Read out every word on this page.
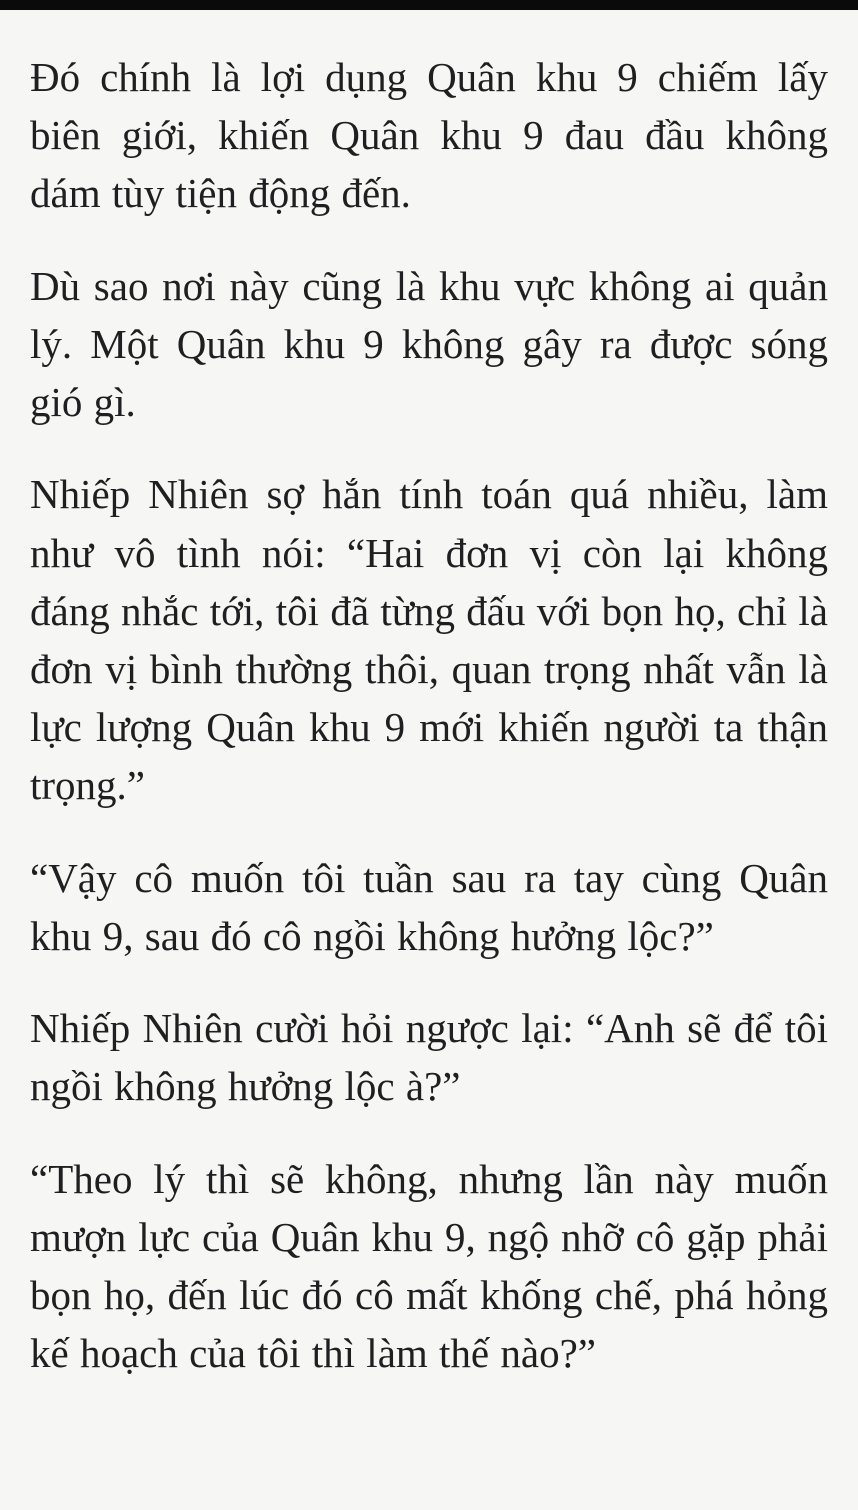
Đó chính là lợi dụng Quân khu 9 chiếm lấy biên giới, khiến Quân khu 9 đau đầu không dám tùy tiện động đến.

Dù sao nơi này cũng là khu vực không ai quản lý. Một Quân khu 9 không gây ra được sóng gió gì.

Nhiếp Nhiên sợ hắn tính toán quá nhiều, làm như vô tình nói: “Hai đơn vị còn lại không đáng nhắc tới, tôi đã từng đấu với bọn họ, chỉ là đơn vị bình thường thôi, quan trọng nhất vẫn là lực lượng Quân khu 9 mới khiến người ta thận trọng.”

“Vậy cô muốn tôi tuần sau ra tay cùng Quân khu 9, sau đó cô ngồi không hưởng lộc?”

Nhiếp Nhiên cười hỏi ngược lại: “Anh sẽ để tôi ngồi không hưởng lộc à?”

“Theo lý thì sẽ không, nhưng lần này muốn mượn lực của Quân khu 9, ngộ nhỡ cô gặp phải bọn họ, đến lúc đó cô mất khống chế, phá hỏng kế hoạch của tôi thì làm thế nào?”
